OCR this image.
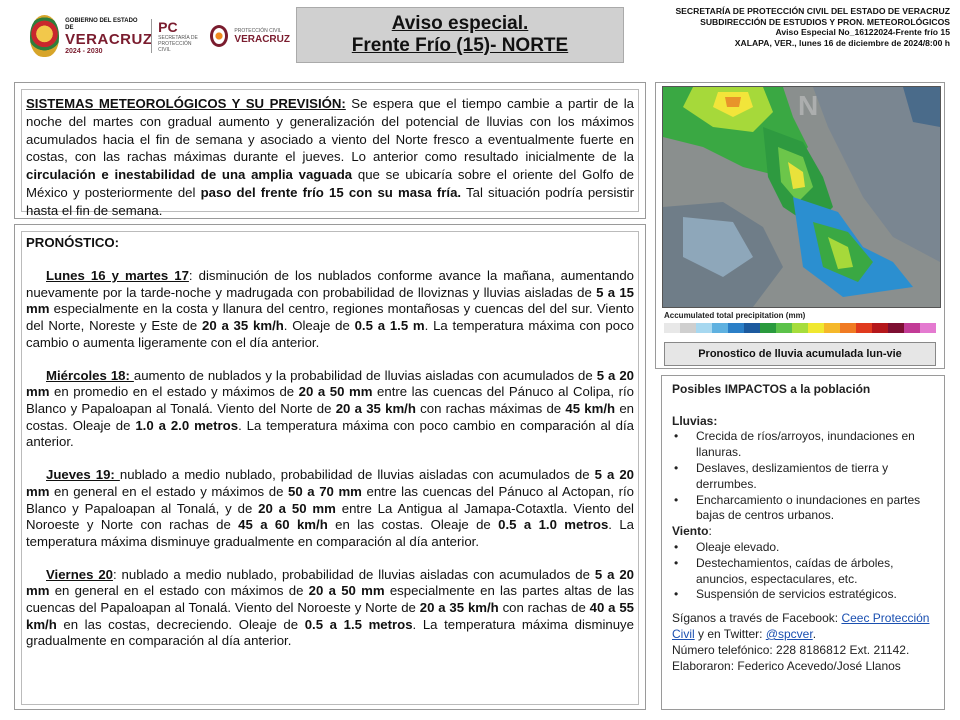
GOBIERNO DEL ESTADO DE
VERACRUZ
2024 - 2030
PC
SECRETARÍA DE PROTECCIÓN CIVIL
PROTECCIÓN CIVIL
VERACRUZ
Aviso especial.
Frente Frío (15)- NORTE
SECRETARÍA DE PROTECCIÓN CIVIL DEL ESTADO DE VERACRUZ
SUBDIRECCIÓN DE ESTUDIOS Y PRON. METEOROLÓGICOS
Aviso Especial No_16122024-Frente frío 15
XALAPA, VER., lunes 16 de diciembre de 2024/8:00 h
SISTEMAS METEOROLÓGICOS Y SU PREVISIÓN: Se espera que el tiempo cambie a partir de la noche del martes con gradual aumento y generalización del potencial de lluvias con los máximos acumulados hacia el fin de semana y asociado a viento del Norte fresco a eventualmente fuerte en costas, con las rachas máximas durante el jueves. Lo anterior como resultado inicialmente de la circulación e inestabilidad de una amplia vaguada que se ubicaría sobre el oriente del Golfo de México y posteriormente del paso del frente frío 15 con su masa fría. Tal situación podría persistir hasta el fin de semana.

PRONÓSTICO:

Lunes 16 y martes 17: disminución de los nublados conforme avance la mañana, aumentando nuevamente por la tarde-noche y madrugada con probabilidad de lloviznas y lluvias aisladas de 5 a 15 mm especialmente en la costa y llanura del centro, regiones montañosas y cuencas del del sur. Viento del Norte, Noreste y Este de 20 a 35 km/h. Oleaje de 0.5 a 1.5 m. La temperatura máxima con poco cambio o aumenta ligeramente con el día anterior.

Miércoles 18: aumento de nublados y la probabilidad de lluvias aisladas con acumulados de 5 a 20 mm en promedio en el estado y máximos de 20 a 50 mm entre las cuencas del Pánuco al Colipa, río Blanco y Papaloapan al Tonalá. Viento del Norte de 20 a 35 km/h con rachas máximas de 45 km/h en costas. Oleaje de 1.0 a 2.0 metros. La temperatura máxima con poco cambio en comparación al día anterior.

Jueves 19: nublado a medio nublado, probabilidad de lluvias aisladas con acumulados de 5 a 20 mm en general en el estado y máximos de 50 a 70 mm entre las cuencas del Pánuco al Actopan, río Blanco y Papaloapan al Tonalá, y de 20 a 50 mm entre La Antigua al Jamapa-Cotaxtla. Viento del Noroeste y Norte con rachas de 45 a 60 km/h en las costas. Oleaje de 0.5 a 1.0 metros. La temperatura máxima disminuye gradualmente en comparación al día anterior.

Viernes 20: nublado a medio nublado, probabilidad de lluvias aisladas con acumulados de 5 a 20 mm en general en el estado con máximos de 20 a 50 mm especialmente en las partes altas de las cuencas del Papaloapan al Tonalá. Viento del Noroeste y Norte de 20 a 35 km/h con rachas de 40 a 55 km/h en las costas, decreciendo. Oleaje de 0.5 a 1.5 metros. La temperatura máxima disminuye gradualmente en comparación al día anterior.

N
Accumulated total precipitation (mm)
Pronostico de lluvia acumulada lun-vie
Posibles IMPACTOS a la población
Lluvias:
• Crecida de ríos/arroyos, inundaciones en llanuras.
• Deslaves, deslizamientos de tierra y derrumbes.
• Encharcamiento o inundaciones en partes bajas de centros urbanos.
Viento:
• Oleaje elevado.
• Destechamientos, caídas de árboles, anuncios, espectaculares, etc.
• Suspensión de servicios estratégicos.
Síganos a través de Facebook: Ceec Protección Civil y en Twitter: @spcver.
Número telefónico: 228 8186812 Ext. 21142.
Elaboraron: Federico Acevedo/José Llanos
